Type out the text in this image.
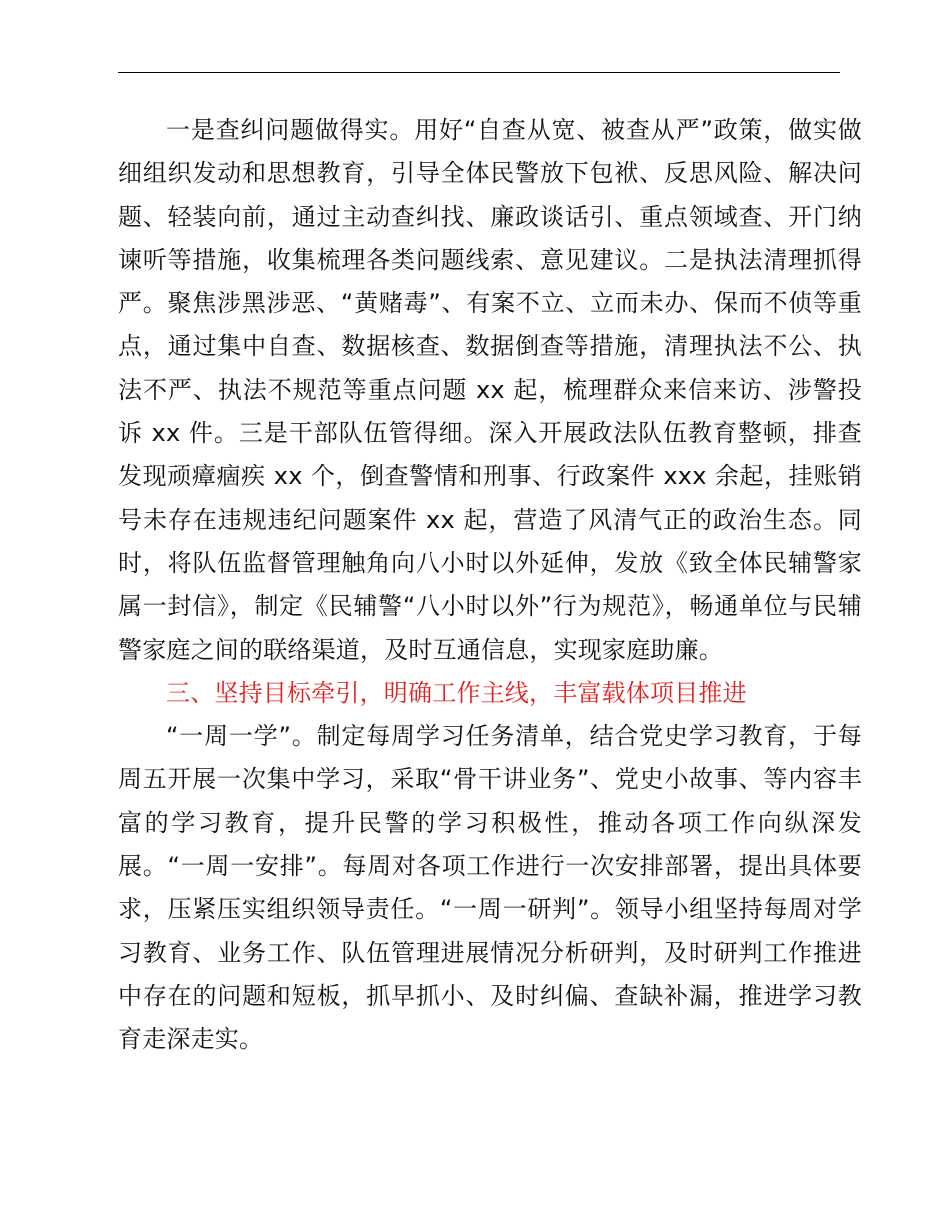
一是查纠问题做得实。用好“自查从宽、被查从严”政策，做实做细组织发动和思想教育，引导全体民警放下包袱、反思风险、解决问题、轻装向前，通过主动查纠找、廉政谈话引、重点领域查、开门纳谏听等措施，收集梳理各类问题线索、意见建议。二是执法清理抓得严。聚焦涉黑涉恶、“黄赌毒”、有案不立、立而未办、保而不侦等重点，通过集中自查、数据核查、数据倒查等措施，清理执法不公、执法不严、执法不规范等重点问题 xx 起，梳理群众来信来访、涉警投诉 xx 件。三是干部队伍管得细。深入开展政法队伍教育整顿，排查发现顽瘴痼疾 xx 个，倒查警情和刑事、行政案件 xxx 余起，挂账销号未存在违规违纪问题案件 xx 起，营造了风清气正的政治生态。同时，将队伍监督管理触角向八小时以外延伸，发放《致全体民辅警家属一封信》，制定《民辅警“八小时以外”行为规范》，畅通单位与民辅警家庭之间的联络渠道，及时互通信息，实现家庭助廉。

三、坚持目标牵引，明确工作主线，丰富载体项目推进

“一周一学”。制定每周学习任务清单，结合党史学习教育，于每周五开展一次集中学习，采取“骨干讲业务”、党史小故事、等内容丰富的学习教育，提升民警的学习积极性，推动各项工作向纵深发展。“一周一安排”。每周对各项工作进行一次安排部署，提出具体要求，压紧压实组织领导责任。“一周一研判”。领导小组坚持每周对学习教育、业务工作、队伍管理进展情况分析研判，及时研判工作推进中存在的问题和短板，抓早抓小、及时纠偏、查缺补漏，推进学习教育走深走实。
